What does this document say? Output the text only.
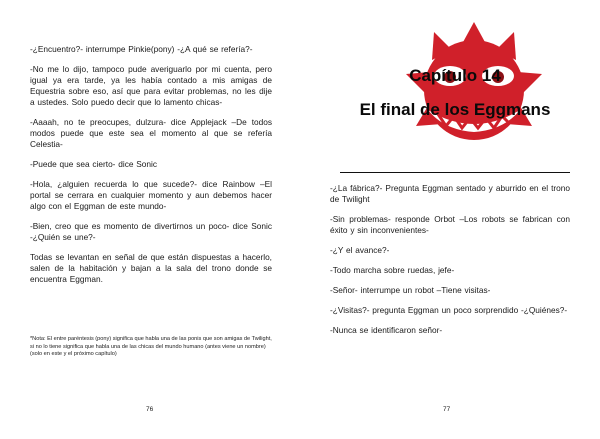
-¿Encuentro?- interrumpe Pinkie(pony) -¿A qué se refería?-

-No me lo dijo, tampoco pude averiguarlo por mi cuenta, pero igual ya era tarde, ya les había contado a mis amigas de Equestria sobre eso, así que para evitar problemas, no les dije a ustedes. Solo puedo decir que lo lamento chicas-

-Aaaah, no te preocupes, dulzura- dice Applejack –De todos modos puede que este sea el momento al que se refería Celestia-

-Puede que sea cierto- dice Sonic

-Hola, ¿alguien recuerda lo que sucede?- dice Rainbow –El portal se cerrara en cualquier momento y aun debemos hacer algo con el Eggman de este mundo-

-Bien, creo que es momento de divertirnos un poco- dice Sonic -¿Quién se une?-

Todas se levantan en señal de que están dispuestas a hacerlo, salen de la habitación y bajan a la sala del trono donde se encuentra Eggman.

*Nota: El entre paréntesis (pony) significa que habla una de las ponis que son amigas de Twilight, si no lo tiene significa que habla una de las chicas del mundo humano (antes viene un nombre) (solo en este y el próximo capítulo)

76
Capítulo 14
El final de los Eggmans

-¿La fábrica?- Pregunta Eggman sentado y aburrido en el trono de Twilight

-Sin problemas- responde Orbot –Los robots se fabrican con éxito y sin inconvenientes-

-¿Y el avance?-

-Todo marcha sobre ruedas, jefe-

-Señor- interrumpe un robot –Tiene visitas-

-¿Visitas?- pregunta Eggman un poco sorprendido -¿Quiénes?-

-Nunca se identificaron señor-

77
